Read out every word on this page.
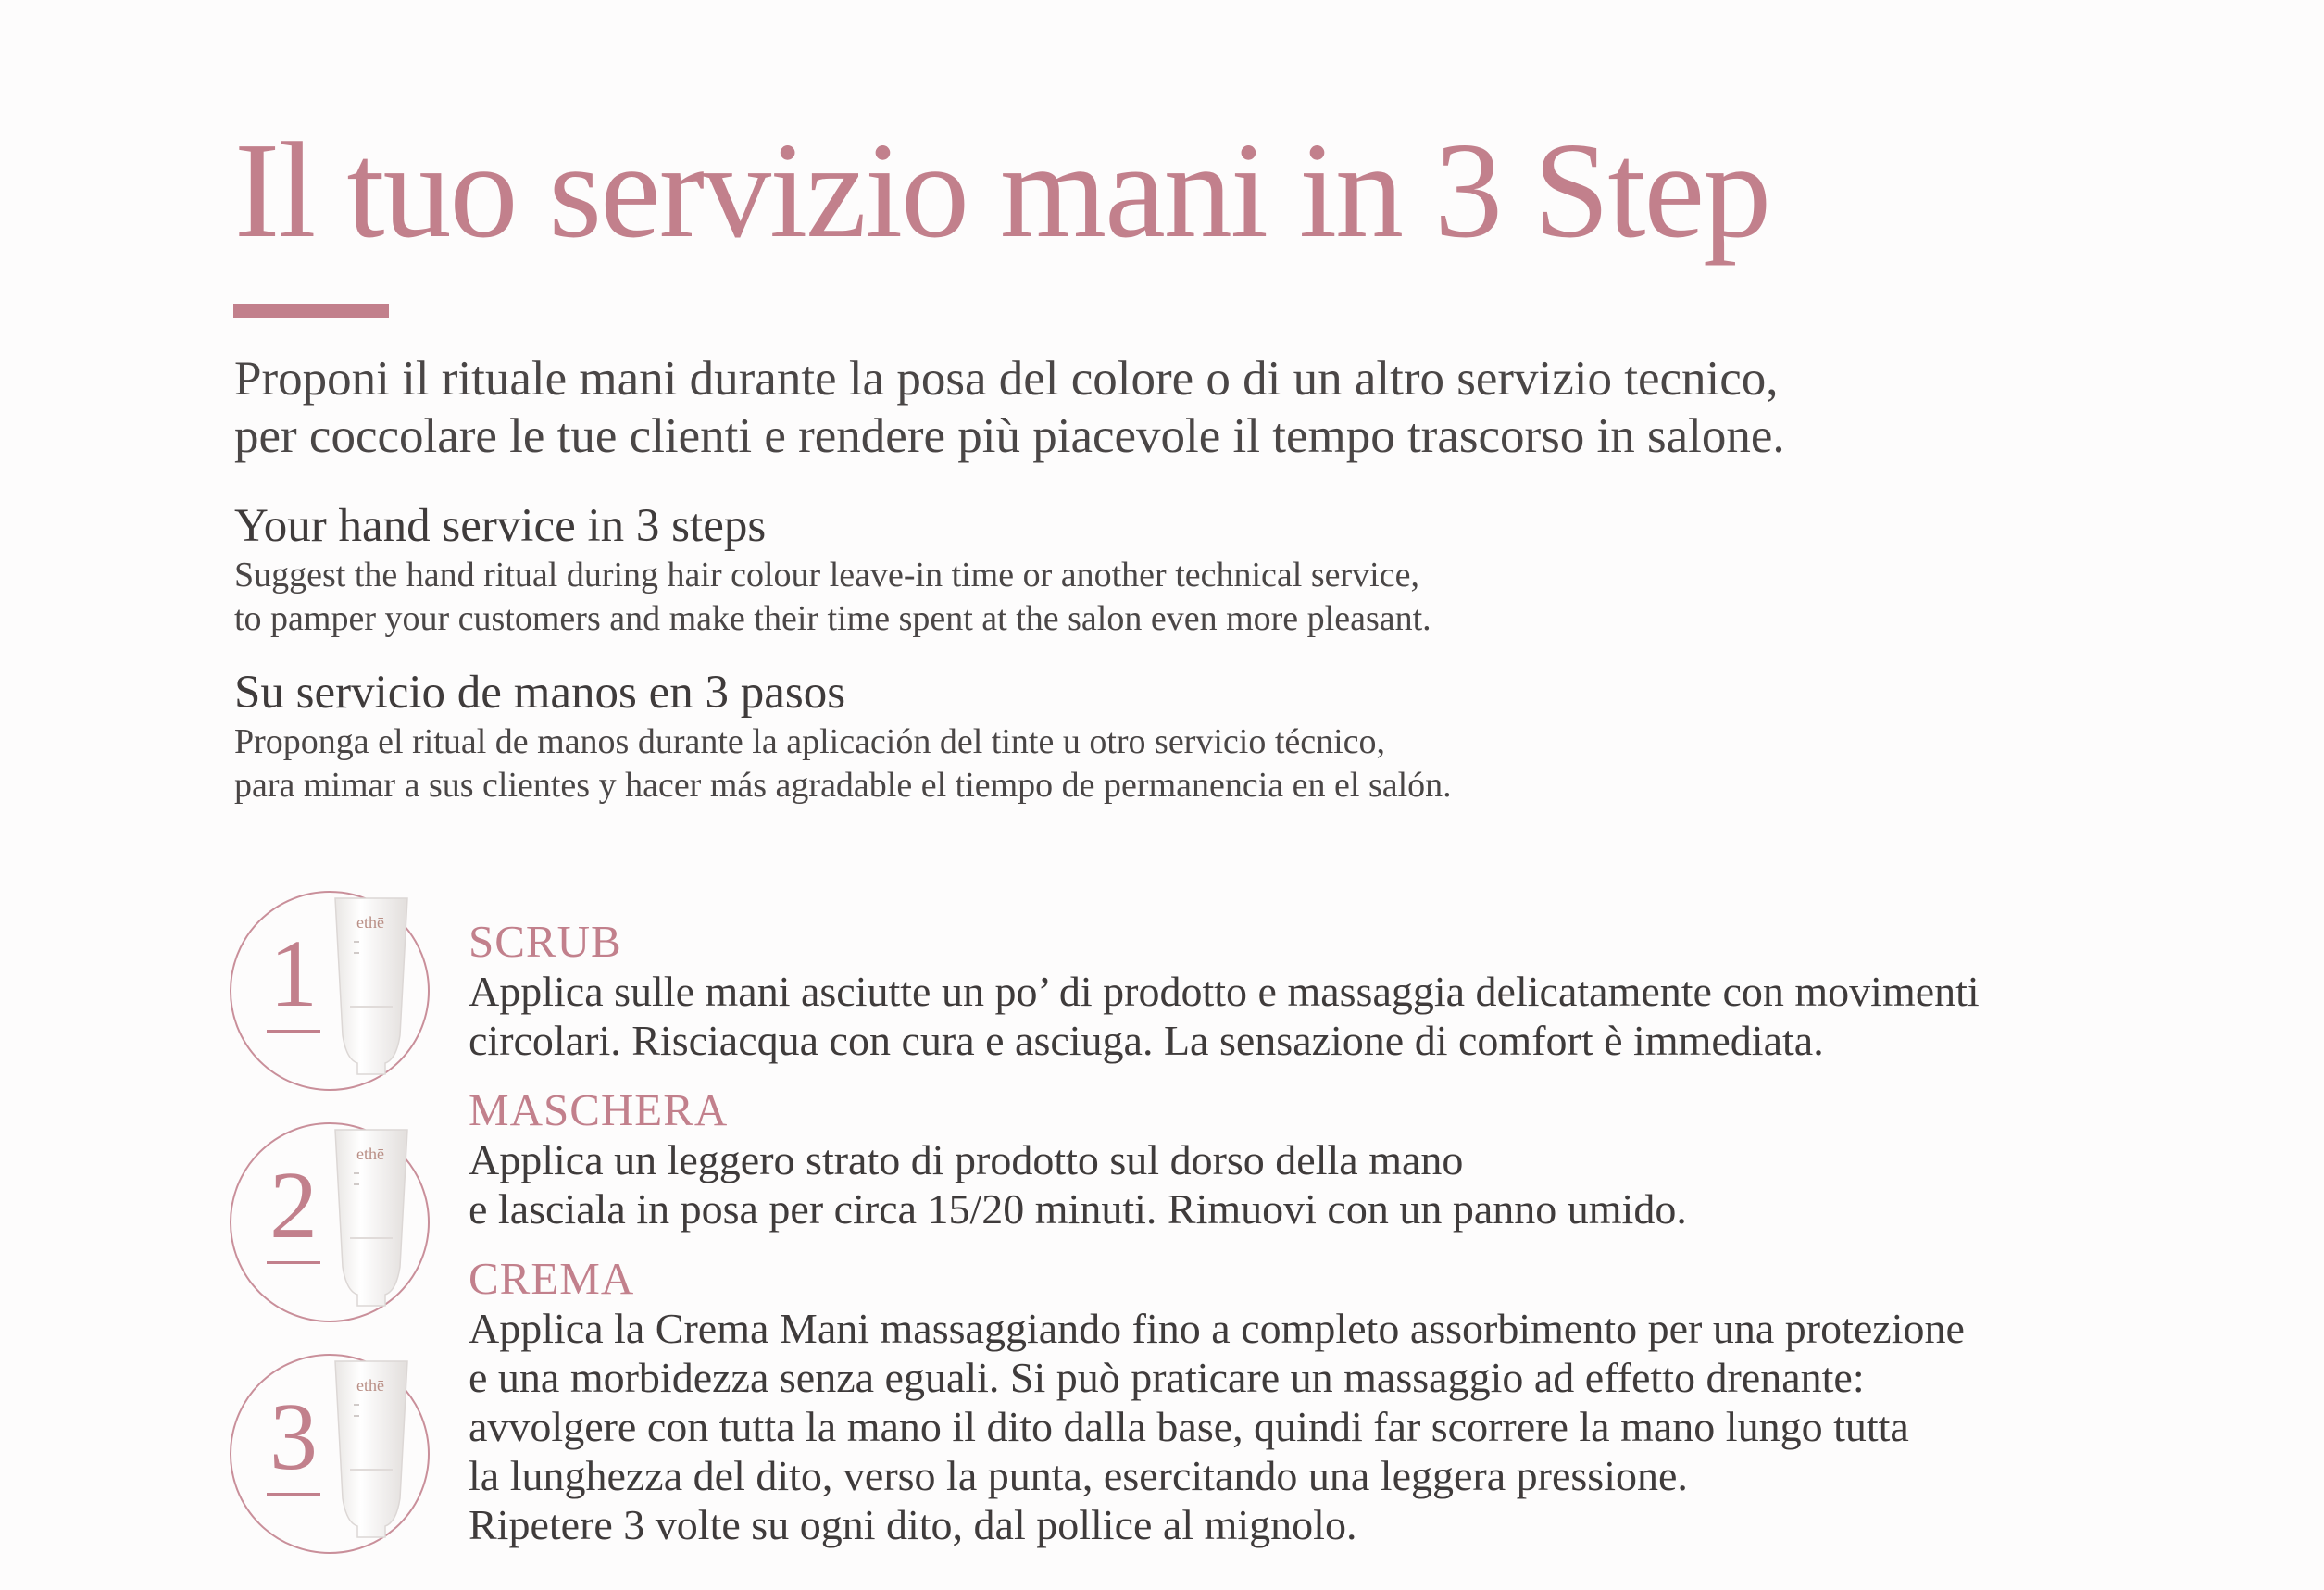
Il tuo servizio mani in 3 Step

Proponi il rituale mani durante la posa del colore o di un altro servizio tecnico,
per coccolare le tue clienti e rendere più piacevole il tempo trascorso in salone.

Your hand service in 3 steps

Suggest the hand ritual during hair colour leave-in time or another technical service,
to pamper your customers and make their time spent at the salon even more pleasant.

Su servicio de manos en 3 pasos

Proponga el ritual de manos durante la aplicación del tinte u otro servicio técnico,
para mimar a sus clientes y hacer más agradable el tiempo de permanencia en el salón.

1	ethē SCRUB

Applica sulle mani asciutte un po’ di prodotto e massaggia delicatamente con movimenti
circolari. Risciacqua con cura e asciuga. La sensazione di comfort è immediata.

2	ethē

MASCHERA

Applica un leggero strato di prodotto sul dorso della mano
e lasciala in posa per circa 15/20 minuti. Rimuovi con un panno umido.

3	ethē

CREMA

Applica la Crema Mani massaggiando fino a completo assorbimento per una protezione
e una morbidezza senza eguali. Si può praticare un massaggio ad effetto drenante:
avvolgere con tutta la mano il dito dalla base, quindi far scorrere la mano lungo tutta
la lunghezza del dito, verso la punta, esercitando una leggera pressione.
Ripetere 3 volte su ogni dito, dal pollice al mignolo.
